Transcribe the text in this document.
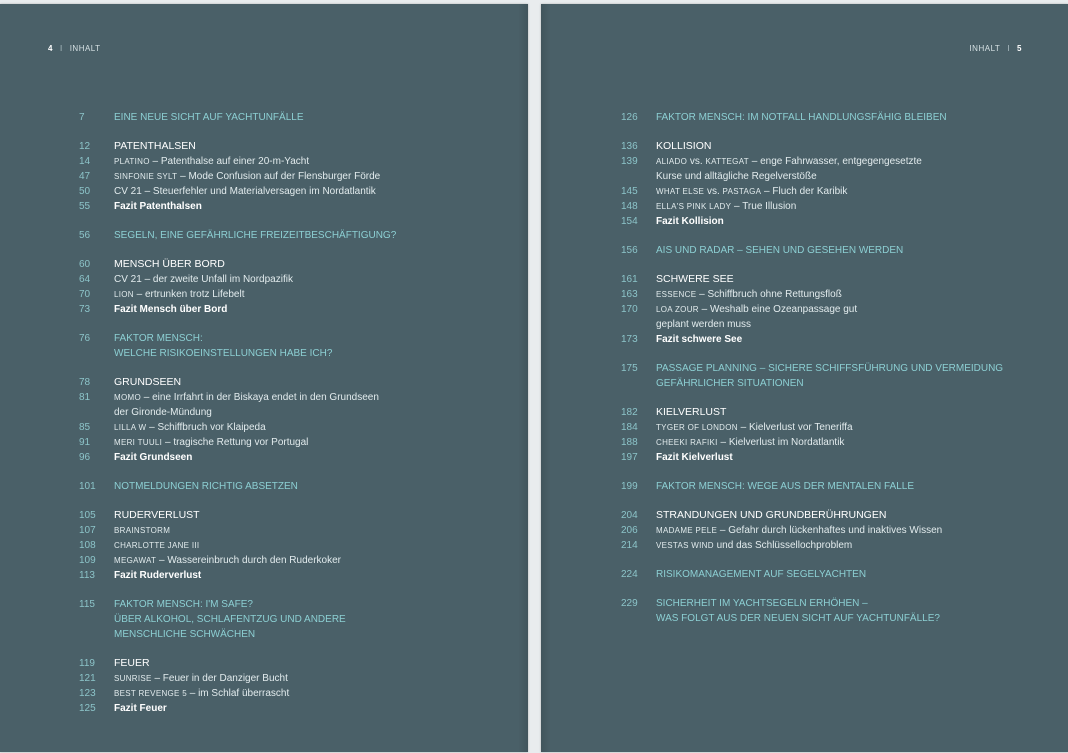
4 I INHALT
7	EINE NEUE SICHT AUF YACHTUNFÄLLE
12 PATENTHALSEN
14	PLATINO – Patenthalse auf einer 20-m-Yacht
47	SINFONIE SYLT – Mode Confusion auf der Flensburger Förde
50 CV 21 – Steuerfehler und Materialversagen im Nordatlantik
55 Fazit Patenthalsen
56 SEGELN, EINE GEFÄHRLICHE FREIZEITBESCHÄFTIGUNG?
60 MENSCH ÜBER BORD
64 CV 21 – der zweite Unfall im Nordpazifik
70	LION – ertrunken trotz Lifebelt
73 Fazit Mensch über Bord
76 FAKTOR MENSCH:
WELCHE RISIKOEINSTELLUNGEN HABE ICH?
78 GRUNDSEEN
81	MOMO – eine Irrfahrt in der Biskaya endet in den Grundseen
der Gironde-Mündung
85	LILLA W – Schiffbruch vor Klaipeda
91	MERI TUULI – tragische Rettung vor Portugal
96 Fazit Grundseen
101 NOTMELDUNGEN RICHTIG ABSETZEN
105 RUDERVERLUST
107 BRAINSTORM
108 CHARLOTTE JANE III
109 MEGAWAT – Wassereinbruch durch den Ruderkoker
113 Fazit Ruderverlust
115 FAKTOR MENSCH: I'M SAFE?
ÜBER ALKOHOL, SCHLAFENTZUG UND ANDERE
MENSCHLICHE SCHWÄCHEN
119 FEUER
121 SUNRISE – Feuer in der Danziger Bucht
123 BEST REVENGE 5 – im Schlaf überrascht
125 Fazit Feuer
INHALT I 5
126 FAKTOR MENSCH: IM NOTFALL HANDLUNGSFÄHIG BLEIBEN
136 KOLLISION
139 ALIADO vs. KATTEGAT – enge Fahrwasser, entgegengesetzte
Kurse und alltägliche Regelverstöße
145 WHAT ELSE vs. PASTAGA – Fluch der Karibik
148 ELLA'S PINK LADY – True Illusion
154 Fazit Kollision
156 AIS UND RADAR – SEHEN UND GESEHEN WERDEN
161 SCHWERE SEE
163 ESSENCE – Schiffbruch ohne Rettungsfloß
170 LOA ZOUR – Weshalb eine Ozeanpassage gut
geplant werden muss
173 Fazit schwere See
175 PASSAGE PLANNING – SICHERE SCHIFFSFÜHRUNG UND VERMEIDUNG
GEFÄHRLICHER SITUATIONEN
182 KIELVERLUST
184 TYGER OF LONDON – Kielverlust vor Teneriffa
188 CHEEKI RAFIKI – Kielverlust im Nordatlantik
197 Fazit Kielverlust
199 FAKTOR MENSCH: WEGE AUS DER MENTALEN FALLE
204 STRANDUNGEN UND GRUNDBERÜHRUNGEN
206 MADAME PELE – Gefahr durch lückenhaftes und inaktives Wissen
214 VESTAS WIND und das Schlüssellochproblem
224 RISIKOMANAGEMENT AUF SEGELYACHTEN
229 SICHERHEIT IM YACHTSEGELN ERHÖHEN –
WAS FOLGT AUS DER NEUEN SICHT AUF YACHTUNFÄLLE?
